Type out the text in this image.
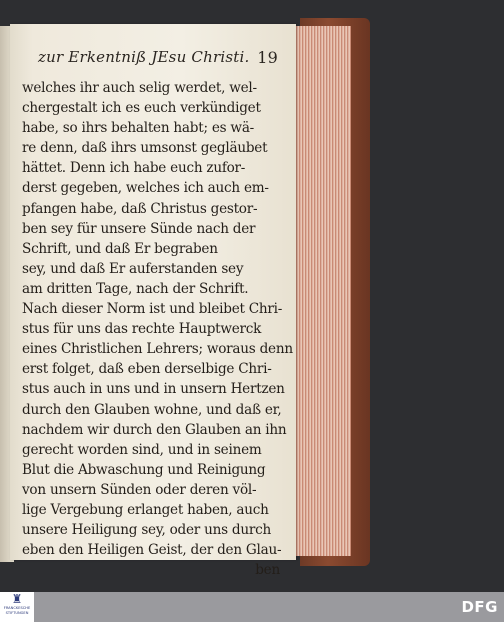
zur Erkentniß JEsu Christi. 19
welches ihr auch selig werdet, wel-
chergestalt ich es euch verkündiget
habe, so ihrs behalten habt; es wä-
re denn, daß ihrs umsonst gegläubet
hättet. Denn ich habe euch zufor-
derst gegeben, welches ich auch em-
pfangen habe, daß Christus gestor-
ben sey für unsere Sünde nach der
Schrift, und daß Er begraben
sey, und daß Er auferstanden sey
am dritten Tage, nach der Schrift.
Nach dieser Norm ist und bleibet Chri-
stus für uns das rechte Hauptwerck
eines Christlichen Lehrers; woraus denn
erst folget, daß eben derselbige Chri-
stus auch in uns und in unsern Hertzen
durch den Glauben wohne, und daß er,
nachdem wir durch den Glauben an ihn
gerecht worden sind, und in seinem
Blut die Abwaschung und Reinigung
von unsern Sünden oder deren völ-
lige Vergebung erlanget haben, auch
unsere Heiligung sey, oder uns durch
eben den Heiligen Geist, der den Glau-
ben
♜
FRANCKESCHE
STIFTUNGEN	DFG
